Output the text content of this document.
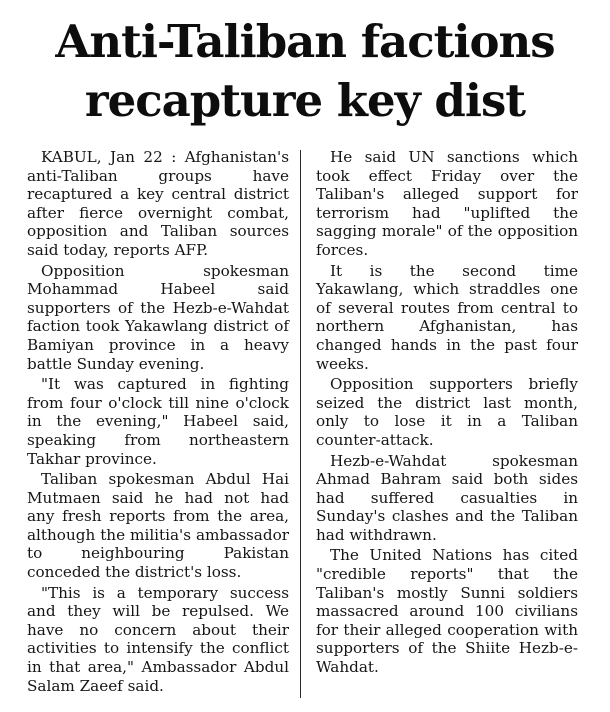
Anti-Taliban factions
recapture key dist

KABUL, Jan 22 : Afghanistan's anti-Taliban groups have recaptured a key central district after fierce overnight combat, opposition and Taliban sources said today, reports AFP.

Opposition spokesman Mohammad Habeel said supporters of the Hezb-e-Wahdat faction took Yakawlang district of Bamiyan province in a heavy battle Sunday evening.

"It was captured in fighting from four o'clock till nine o'clock in the evening," Habeel said, speaking from northeastern Takhar province.

Taliban spokesman Abdul Hai Mutmaen said he had not had any fresh reports from the area, although the militia's ambassador to neighbouring Pakistan conceded the district's loss.

"This is a temporary success and they will be repulsed. We have no concern about their activities to intensify the conflict in that area," Ambassador Abdul Salam Zaeef said.

He said UN sanctions which took effect Friday over the Taliban's alleged support for terrorism had "uplifted the sagging morale" of the opposition forces.

It is the second time Yakawlang, which straddles one of several routes from central to northern Afghanistan, has changed hands in the past four weeks.

Opposition supporters briefly seized the district last month, only to lose it in a Taliban counter-attack.

Hezb-e-Wahdat spokesman Ahmad Bahram said both sides had suffered casualties in Sunday's clashes and the Taliban had withdrawn.

The United Nations has cited "credible reports" that the Taliban's mostly Sunni soldiers massacred around 100 civilians for their alleged cooperation with supporters of the Shiite Hezb-e-Wahdat.
